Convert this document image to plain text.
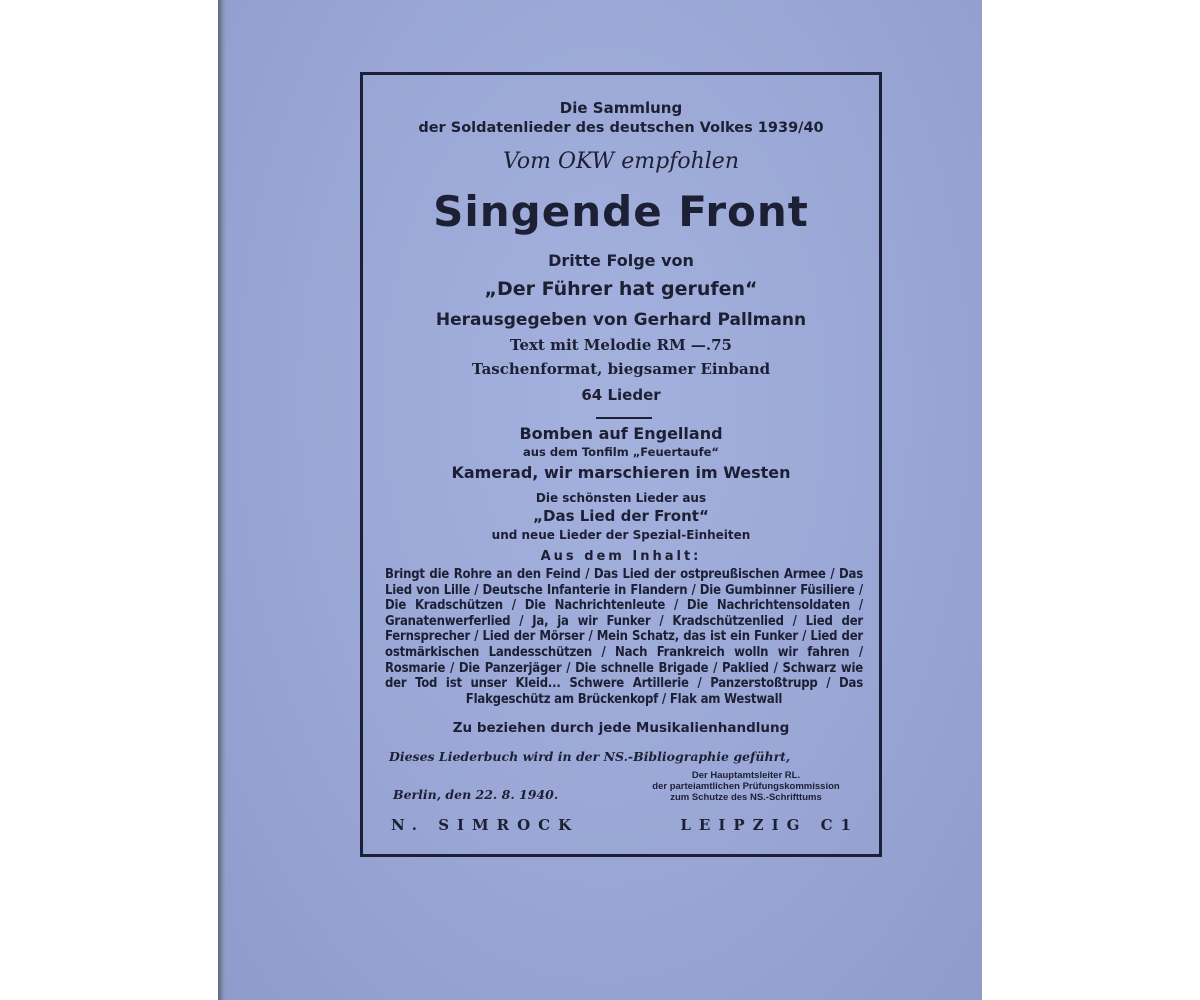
Die Sammlung
der Soldatenlieder des deutschen Volkes 1939/40
Vom OKW empfohlen
Singende Front
Dritte Folge von
„Der Führer hat gerufen“
Herausgegeben von Gerhard Pallmann
Text mit Melodie RM —.75
Taschenformat, biegsamer Einband
64 Lieder
Bomben auf Engelland
aus dem Tonfilm „Feuertaufe“
Kamerad, wir marschieren im Westen
Die schönsten Lieder aus
„Das Lied der Front“
und neue Lieder der Spezial-Einheiten
Aus dem Inhalt:
Bringt die Rohre an den Feind / Das Lied der ostpreußischen Armee / Das Lied von Lille / Deutsche Infanterie in Flandern / Die Gumbinner Füsiliere / Die Kradschützen / Die Nachrichtenleute / Die Nachrichtensoldaten / Granatenwerferlied / Ja, ja wir Funker / Kradschützenlied / Lied der Fernsprecher / Lied der Mörser / Mein Schatz, das ist ein Funker / Lied der ostmärkischen Landesschützen / Nach Frankreich wolln wir fahren / Rosmarie / Die Panzerjäger / Die schnelle Brigade / Paklied / Schwarz wie der Tod ist unser Kleid... Schwere Artillerie / Panzerstoßtrupp / Das Flakgeschütz am Brückenkopf / Flak am Westwall
Zu beziehen durch jede Musikalienhandlung
Dieses Liederbuch wird in der NS.-Bibliographie geführt,
Der Hauptamtsleiter RL.
der parteiamtlichen Prüfungskommission
zum Schutze des NS.-Schrifttums
Berlin, den 22. 8. 1940.
N. SIMROCK	LEIPZIG C1
